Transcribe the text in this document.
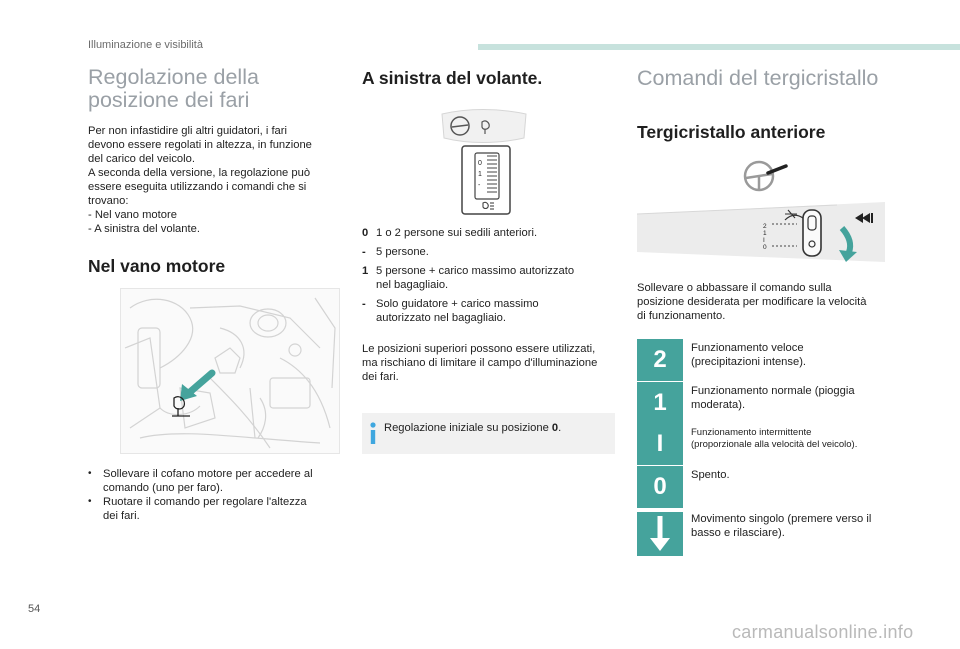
Illuminazione e visibilità
Regolazione della
posizione dei fari
Per non infastidire gli altri guidatori, i fari
devono essere regolati in altezza, in funzione
del carico del veicolo.
A seconda della versione, la regolazione può
essere eseguita utilizzando i comandi che si
trovano:
- Nel vano motore
- A sinistra del volante.
Nel vano motore
• Sollevare il cofano motore per accedere al
comando (uno per faro).
• Ruotare il comando per regolare l'altezza
dei fari.
A sinistra del volante.
0
1
-
0 1 o 2 persone sui sedili anteriori.
- 5 persone.
1 5 persone + carico massimo autorizzato
nel bagagliaio.
- Solo guidatore + carico massimo
autorizzato nel bagagliaio.
Le posizioni superiori possono essere utilizzati,
ma rischiano di limitare il campo d'illuminazione
dei fari.
Regolazione iniziale su posizione 0.
Comandi del tergicristallo
Tergicristallo anteriore
2
1
I
0
Sollevare o abbassare il comando sulla
posizione desiderata per modificare la velocità
di funzionamento.
2	Funzionamento veloce
(precipitazioni intense).
1	Funzionamento normale (pioggia
moderata).
I	Funzionamento intermittente
(proporzionale alla velocità del veicolo).
0	Spento.
Movimento singolo (premere verso il
basso e rilasciare).
54
carmanualsonline.info
